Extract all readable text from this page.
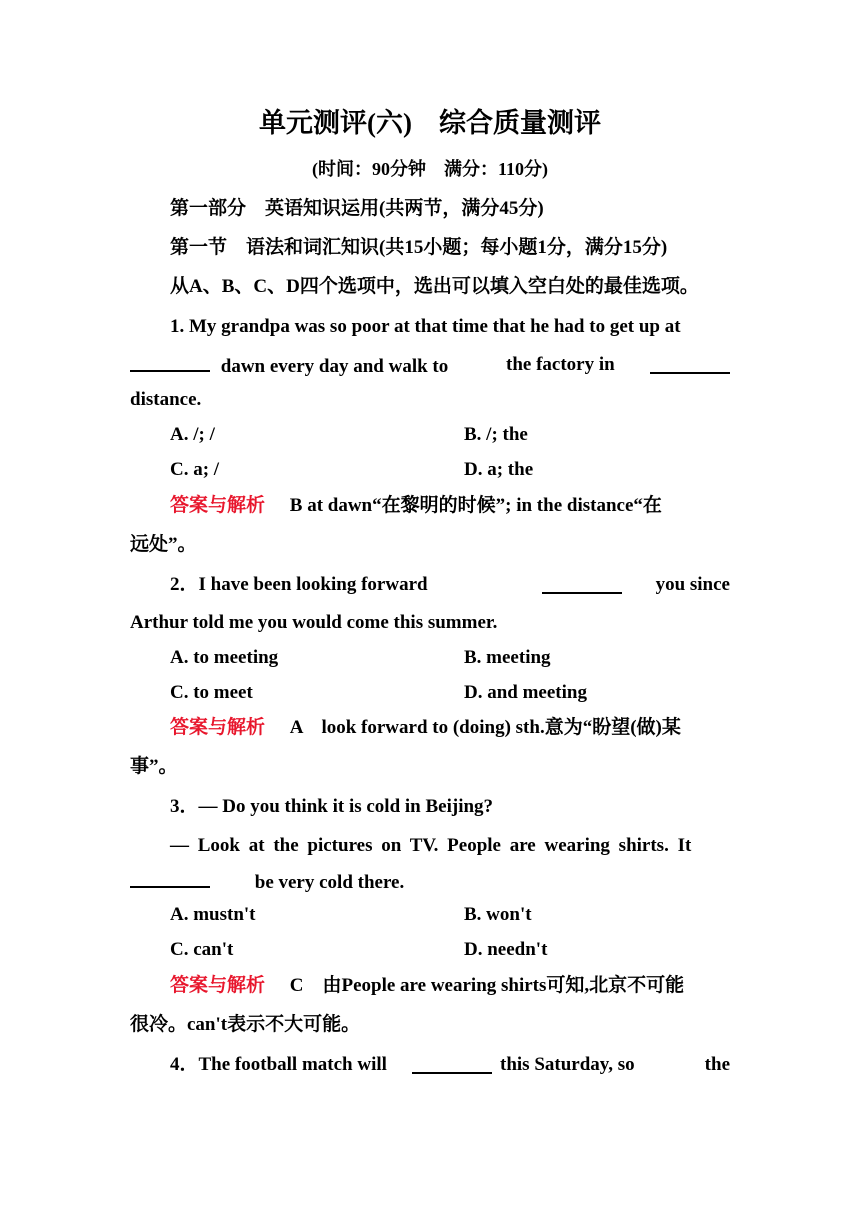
单元测评(六)　综合质量测评
(时间：90分钟　满分：110分)
第一部分　英语知识运用(共两节，满分45分)
第一节　语法和词汇知识(共15小题；每小题1分，满分15分)
从A、B、C、D四个选项中，选出可以填入空白处的最佳选项。
1. My grandpa was so poor at that time that he had to get up at
dawn every day and walk to	the factory in
distance.
A. /; /	B. /; the
C. a; /	D. a; the
答案与解析 B at dawn“在黎明的时候”; in the distance“在
远处”。
2．I have been looking forward	you since
Arthur told me you would come this summer.
A. to meeting	B. meeting
C. to meet	D. and meeting
答案与解析 A　look forward to (doing) sth.意为“盼望(做)某
事”。
3．— Do you think it is cold in Beijing?
— Look at the pictures on TV. People are wearing shirts. It
be very cold there.
A. mustn't	B. won't
C. can't	D. needn't
答案与解析 C　由People are wearing shirts可知,北京不可能
很冷。can't表示不大可能。
4．The football match will	this Saturday, so	the
